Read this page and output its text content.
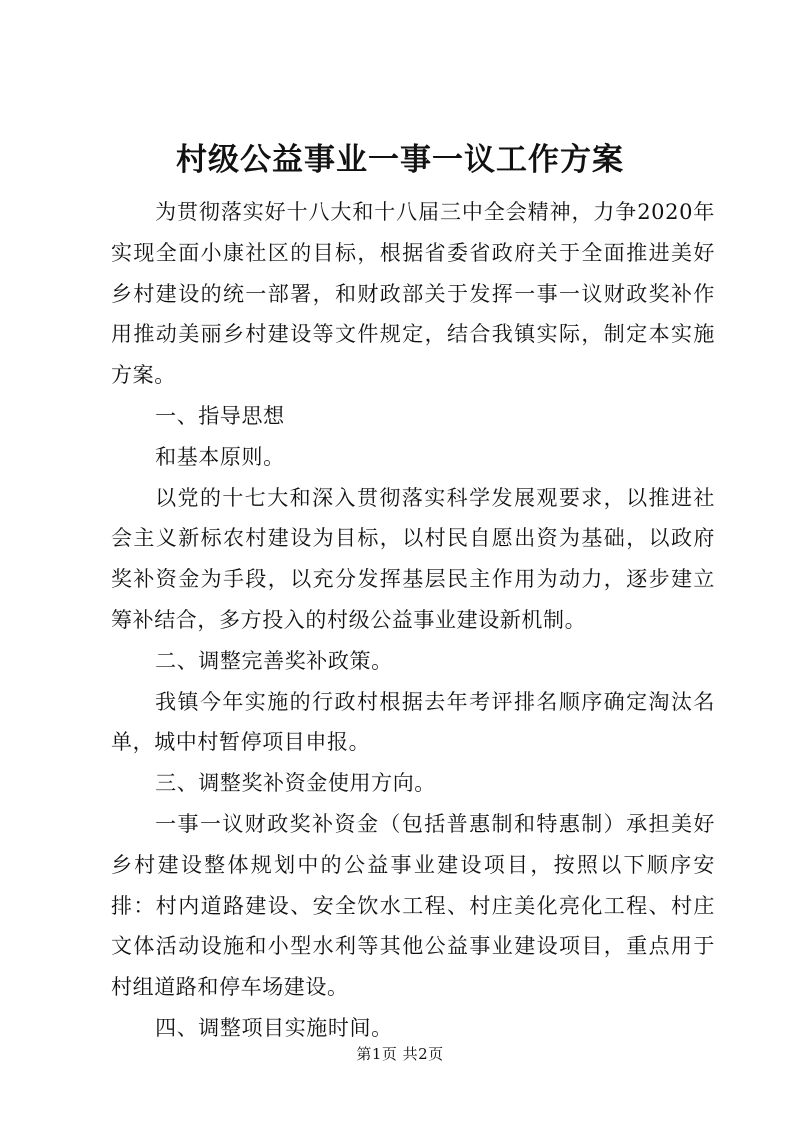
村级公益事业一事一议工作方案

为贯彻落实好十八大和十八届三中全会精神，力争2020年实现全面小康社区的目标，根据省委省政府关于全面推进美好乡村建设的统一部署，和财政部关于发挥一事一议财政奖补作用推动美丽乡村建设等文件规定，结合我镇实际，制定本实施方案。

一、指导思想

和基本原则。

以党的十七大和深入贯彻落实科学发展观要求，以推进社会主义新标农村建设为目标，以村民自愿出资为基础，以政府奖补资金为手段，以充分发挥基层民主作用为动力，逐步建立筹补结合，多方投入的村级公益事业建设新机制。

二、调整完善奖补政策。

我镇今年实施的行政村根据去年考评排名顺序确定淘汰名单，城中村暂停项目申报。

三、调整奖补资金使用方向。

一事一议财政奖补资金（包括普惠制和特惠制）承担美好乡村建设整体规划中的公益事业建设项目，按照以下顺序安排：村内道路建设、安全饮水工程、村庄美化亮化工程、村庄文体活动设施和小型水利等其他公益事业建设项目，重点用于村组道路和停车场建设。

四、调整项目实施时间。

第1页 共2页
